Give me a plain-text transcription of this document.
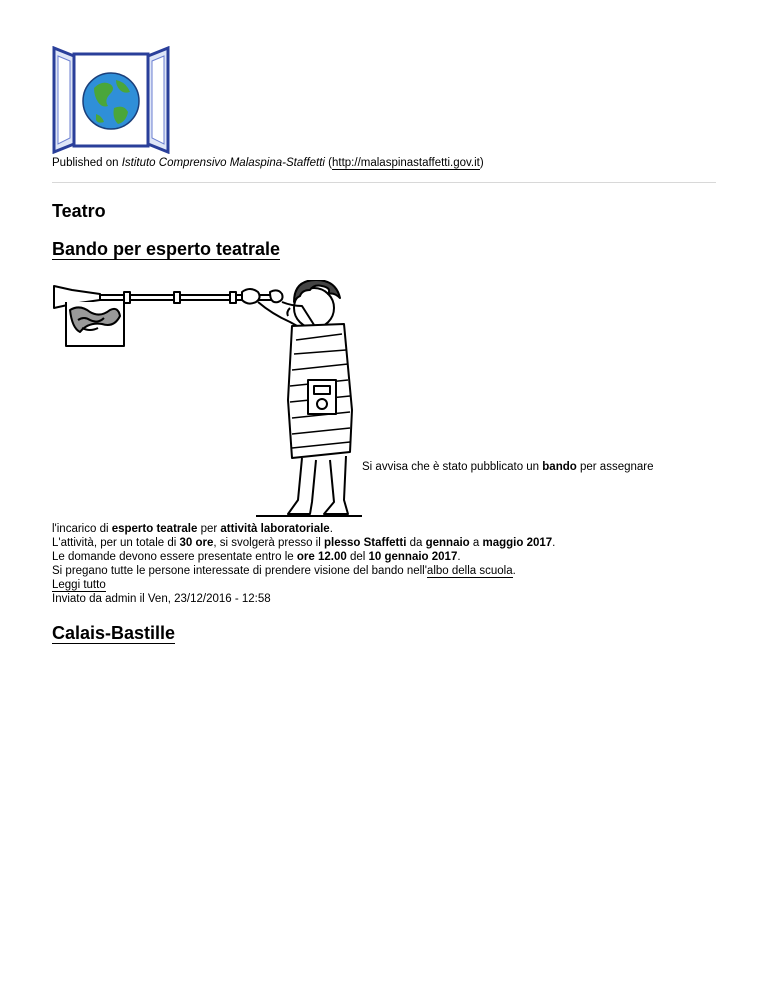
Published on Istituto Comprensivo Malaspina-Staffetti (http://malaspinastaffetti.gov.it)
Teatro
Bando per esperto teatrale
Si avvisa che è stato pubblicato un bando per assegnare

l'incarico di esperto teatrale per attività laboratoriale.

L'attività, per un totale di 30 ore, si svolgerà presso il plesso Staffetti da gennaio a maggio 2017.

Le domande devono essere presentate entro le ore 12.00 del 10 gennaio 2017.

Si pregano tutte le persone interessate di prendere visione del bando nell'albo della scuola.

Leggi tutto

Inviato da admin il Ven, 23/12/2016 - 12:58

Calais-Bastille
